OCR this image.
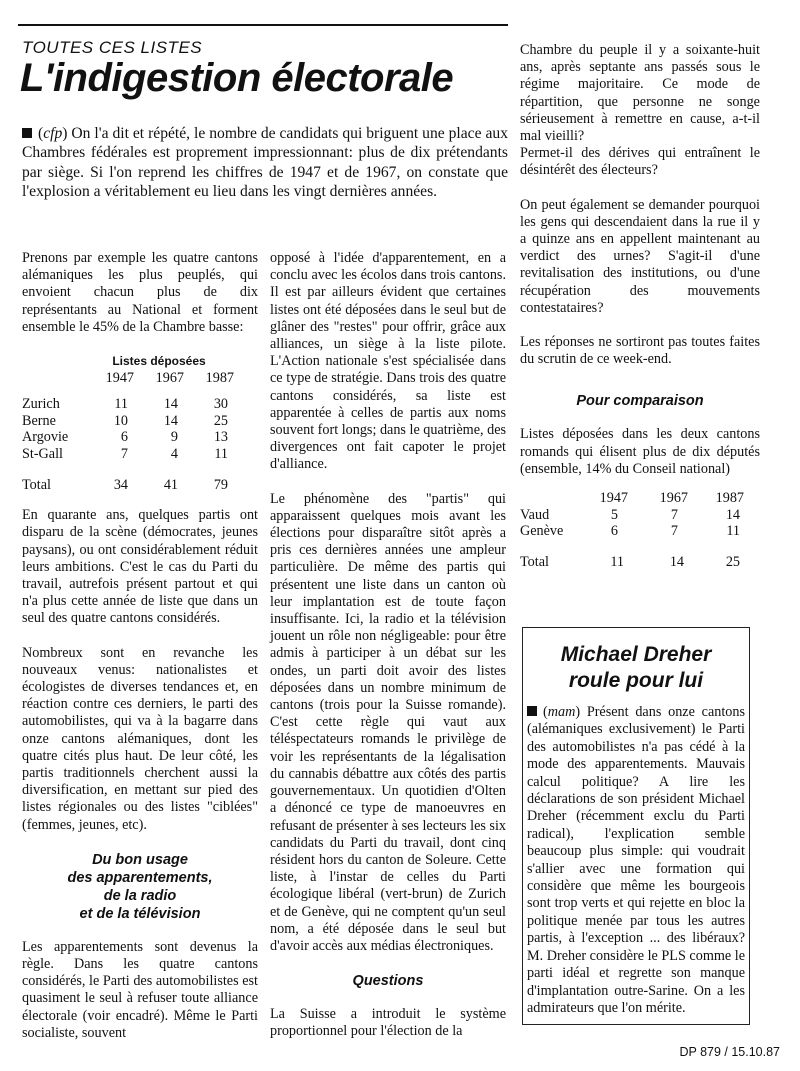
TOUTES CES LISTES
L'indigestion électorale

(cfp) On l'a dit et répété, le nombre de candidats qui briguent une place aux Chambres fédérales est proprement impressionnant: plus de dix prétendants par siège. Si l'on reprend les chiffres de 1947 et de 1967, on constate que l'explosion a véritablement eu lieu dans les vingt dernières années.

Prenons par exemple les quatre cantons alémaniques les plus peuplés, qui envoient chacun plus de dix représentants au National et forment ensemble le 45% de la Chambre basse:

	Listes déposées		
	1947	1967	1987

Zurich	11	14	30
Berne	10	14	25
Argovie	6	9	13
St-Gall	7	4	11

Total	34	41	79

En quarante ans, quelques partis ont disparu de la scène (démocrates, jeunes paysans), ou ont considérablement réduit leurs ambitions. C'est le cas du Parti du travail, autrefois présent partout et qui n'a plus cette année de liste que dans un seul des quatre cantons considérés.

Nombreux sont en revanche les nouveaux venus: nationalistes et écologistes de diverses tendances et, en réaction contre ces derniers, le parti des automobilistes, qui va à la bagarre dans onze cantons alémaniques, dont les quatre cités plus haut. De leur côté, les partis traditionnels cherchent aussi la diversification, en mettant sur pied des listes régionales ou des listes "ciblées" (femmes, jeunes, etc).

Du bon usage
des apparentements,
de la radio
et de la télévision

Les apparentements sont devenus la règle. Dans les quatre cantons considérés, le Parti des automobilistes est quasiment le seul à refuser toute alliance électorale (voir encadré). Même le Parti socialiste, souvent

opposé à l'idée d'apparentement, en a conclu avec les écolos dans trois cantons. Il est par ailleurs évident que certaines listes ont été déposées dans le seul but de glâner des "restes" pour offrir, grâce aux alliances, un siège à la liste pilote. L'Action nationale s'est spécialisée dans ce type de stratégie. Dans trois des quatre cantons considérés, sa liste est apparentée à celles de partis aux noms souvent fort longs; dans le quatrième, des divergences ont fait capoter le projet d'alliance.

Le phénomène des "partis" qui apparaissent quelques mois avant les élections pour disparaître sitôt après a pris ces dernières années une ampleur particulière. De même des partis qui présentent une liste dans un canton où leur implantation est de toute façon insuffisante. Ici, la radio et la télévision jouent un rôle non négligeable: pour être admis à participer à un débat sur les ondes, un parti doit avoir des listes déposées dans un nombre minimum de cantons (trois pour la Suisse romande). C'est cette règle qui vaut aux téléspectateurs romands le privilège de voir les représentants de la légalisation du cannabis débattre aux côtés des partis gouvernementaux. Un quotidien d'Olten a dénoncé ce type de manoeuvres en refusant de présenter à ses lecteurs les six candidats du Parti du travail, dont cinq résident hors du canton de Soleure. Cette liste, à l'instar de celles du Parti écologique libéral (vert-brun) de Zurich et de Genève, qui ne comptent qu'un seul nom, a été déposée dans le seul but d'avoir accès aux médias électroniques.

Questions

La Suisse a introduit le système proportionnel pour l'élection de la

Chambre du peuple il y a soixante-huit ans, après septante ans passés sous le régime majoritaire. Ce mode de répartition, que personne ne songe sérieusement à remettre en cause, a-t-il mal vieilli?

Permet-il des dérives qui entraînent le désintérêt des électeurs?

On peut également se demander pourquoi les gens qui descendaient dans la rue il y a quinze ans en appellent maintenant au verdict des urnes? S'agit-il d'une revitalisation des institutions, ou d'une récupération des mouvements contestataires?

Les réponses ne sortiront pas toutes faites du scrutin de ce week-end.

Pour comparaison

Listes déposées dans les deux cantons romands qui élisent plus de dix députés (ensemble, 14% du Conseil national)

	1947	1967	1987
Vaud	5	7	14
Genève	6	7	11

Total	11	14	25
Michael Dreher
roule pour lui

(mam) Présent dans onze cantons (alémaniques exclusivement) le Parti des automobilistes n'a pas cédé à la mode des apparentements. Mauvais calcul politique? A lire les déclarations de son président Michael Dreher (récemment exclu du Parti radical), l'explication semble beaucoup plus simple: qui voudrait s'allier avec une formation qui considère que même les bourgeois sont trop verts et qui rejette en bloc la politique menée par tous les autres partis, à l'exception ... des libéraux? M. Dreher considère le PLS comme le parti idéal et regrette son manque d'implantation outre-Sarine. On a les admirateurs que l'on mérite.

DP 879 / 15.10.87
